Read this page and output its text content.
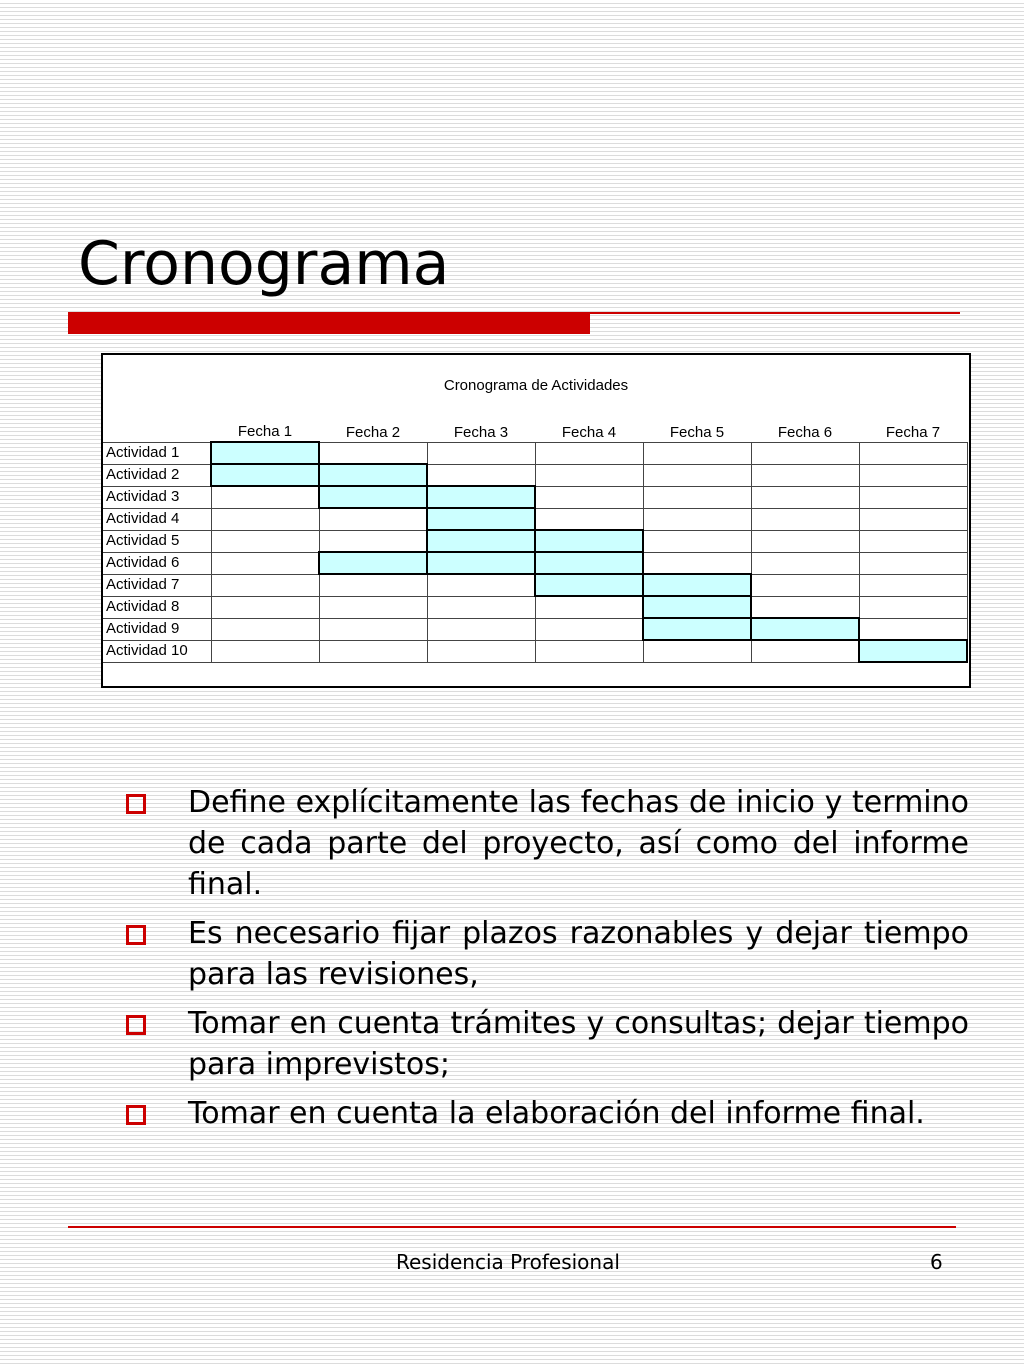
Cronograma
Cronograma de Actividades
	Fecha 1	Fecha 2	Fecha 3	Fecha 4	Fecha 5	Fecha 6	Fecha 7
Actividad 1							
Actividad 2							
Actividad 3							
Actividad 4							
Actividad 5							
Actividad 6							
Actividad 7							
Actividad 8							
Actividad 9							
Actividad 10							
Define explícitamente las fechas de inicio y termino de cada parte del proyecto, así como del informe final.
Es necesario fijar plazos razonables y dejar tiempo para las revisiones,
Tomar en cuenta trámites y consultas; dejar tiempo para imprevistos;
Tomar en cuenta la elaboración del informe final.
Residencia Profesional	6
